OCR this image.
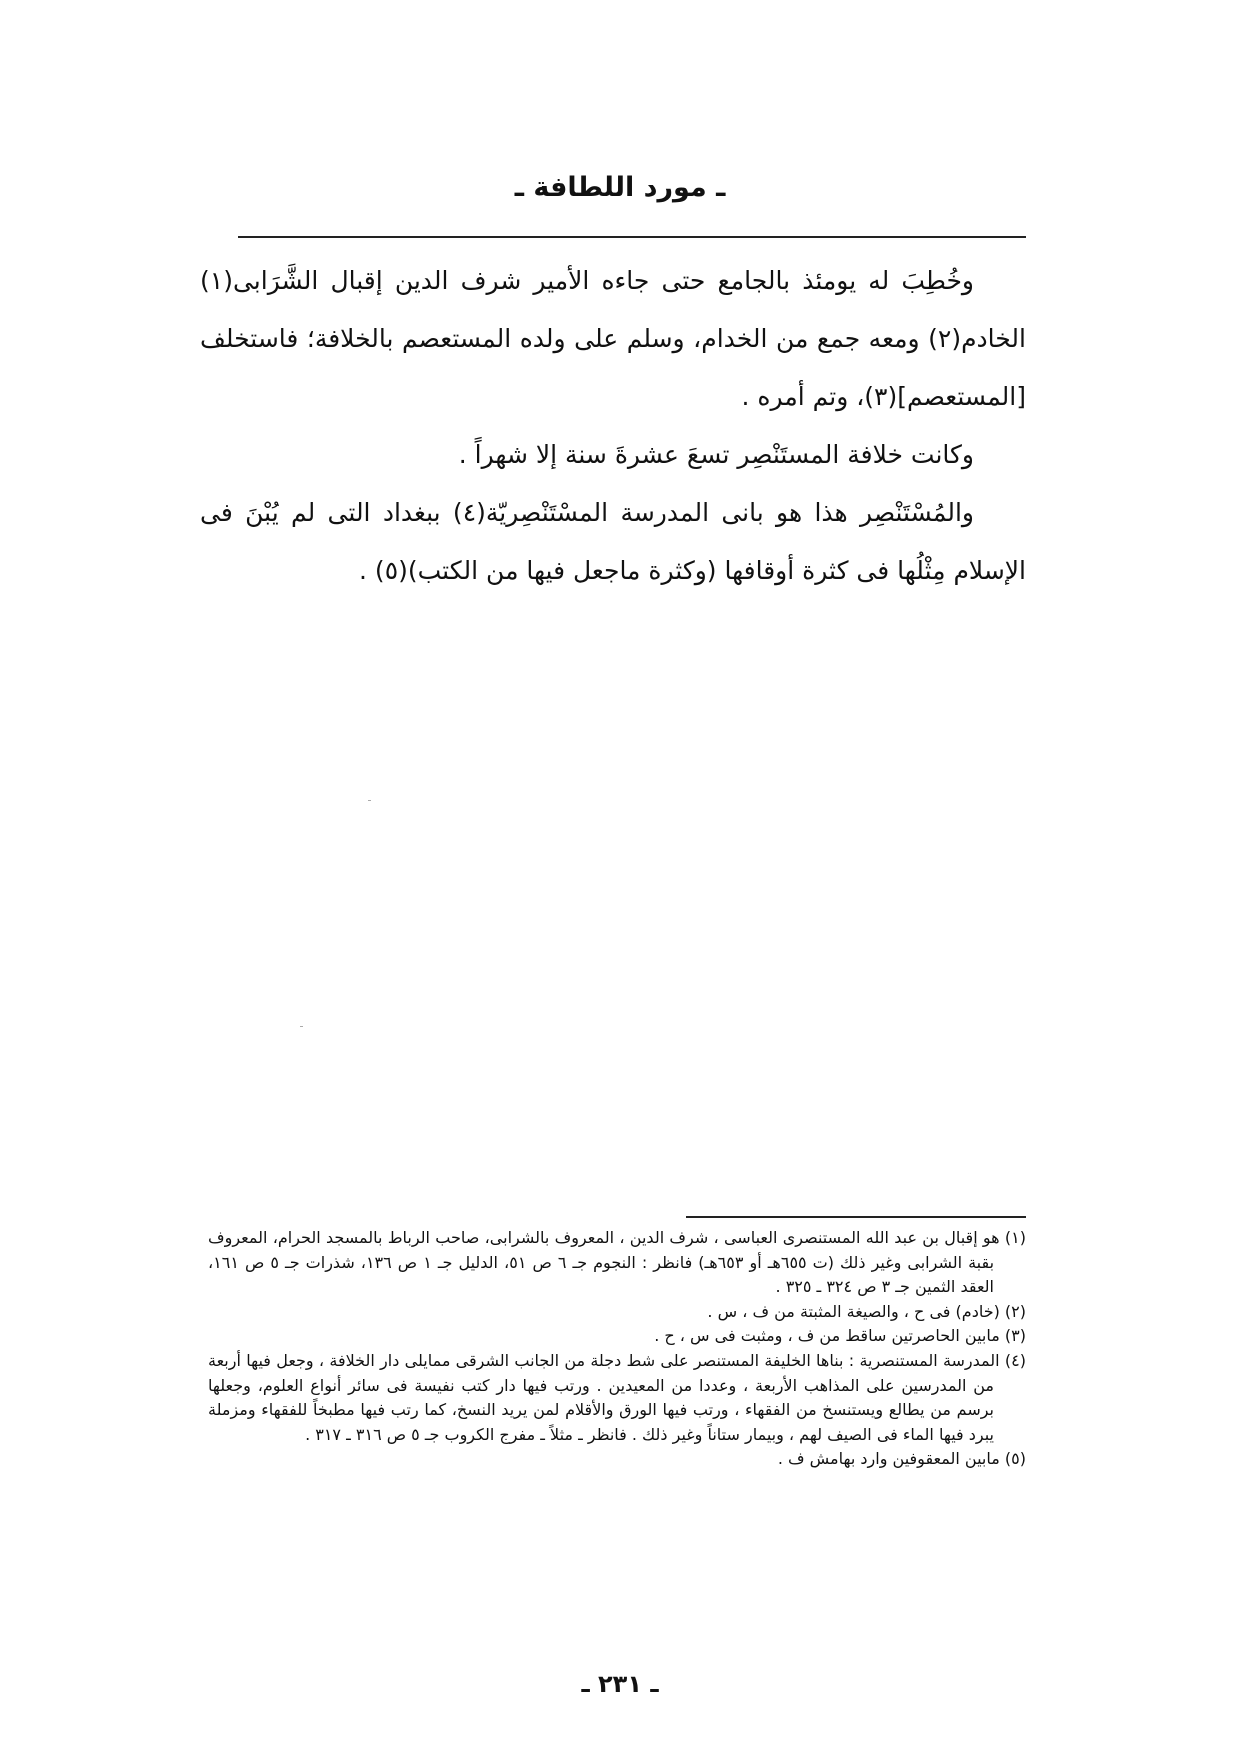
ـ مورد اللطافة ـ

وخُطِبَ له يومئذ بالجامع حتى جاءه الأمير شرف الدين إقبال الشَّرَابى(١) الخادم(٢) ومعه جمع من الخدام، وسلم على ولده المستعصم بالخلافة؛ فاستخلف [المستعصم](٣)، وتم أمره .

وكانت خلافة المستَنْصِر تسعَ عشرةَ سنة إلا شهراً .

والمُسْتَنْصِر هذا هو بانى المدرسة المسْتَنْصِريّة(٤) ببغداد التى لم يُبْنَ فى الإسلام مِثْلُها فى كثرة أوقافها (وكثرة ماجعل فيها من الكتب)(٥) .

(١) هو إقبال بن عبد الله المستنصرى العباسى ، شرف الدين ، المعروف بالشرابى، صاحب الرباط بالمسجد الحرام، المعروف بقبة الشرابى وغير ذلك (ت ٦٥٥هـ أو ٦٥٣هـ) فانظر : النجوم جـ ٦ ص ٥١، الدليل جـ ١ ص ١٣٦، شذرات جـ ٥ ص ١٦١، العقد الثمين جـ ٣ ص ٣٢٤ ـ ٣٢٥ .

(٢) (خادم) فى ح ، والصيغة المثبتة من ف ، س .

(٣) مابين الحاصرتين ساقط من ف ، ومثبت فى س ، ح .

(٤) المدرسة المستنصرية : بناها الخليفة المستنصر على شط دجلة من الجانب الشرقى ممايلى دار الخلافة ، وجعل فيها أربعة من المدرسين على المذاهب الأربعة ، وعددا من المعيدين . ورتب فيها دار كتب نفيسة فى سائر أنواع العلوم، وجعلها برسم من يطالع ويستنسخ من الفقهاء ، ورتب فيها الورق والأقلام لمن يريد النسخ، كما رتب فيها مطبخاً للفقهاء ومزملة يبرد فيها الماء فى الصيف لهم ، وبيمار ستاناً وغير ذلك . فانظر ـ مثلاً ـ مفرج الكروب جـ ٥ ص ٣١٦ ـ ٣١٧ .

(٥) مابين المعقوفين وارد بهامش ف .

ـ ٢٣١ ـ
